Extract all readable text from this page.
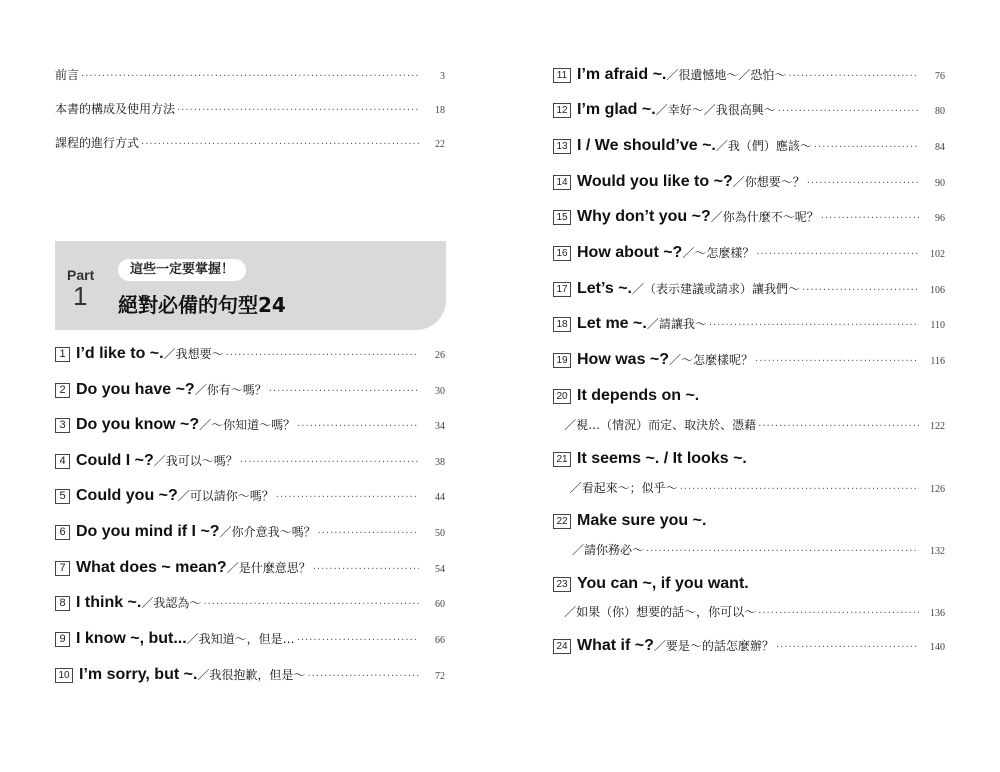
前言 ·····	3
本書的構成及使用方法 ·····	18
課程的進行方式 ·····	22
Part
1
這些一定要掌握！
絕對必備的句型24
1 I’d like to ~. ／我想要～ ·····	26
2 Do you have ~? ／你有～嗎？ ·····	30
3 Do you know ~? ／～你知道～嗎？ ·····	34
4 Could I ~? ／我可以～嗎？ ·····	38
5 Could you ~? ／可以請你～嗎？ ·····	44
6 Do you mind if I ~? ／你介意我～嗎？ ·····	50
7 What does ~ mean? ／是什麼意思？ ·····	54
8 I think ~. ／我認為～ ·····	60
9 I know ~, but... ／我知道～，但是… ·····	66
10 I’m sorry, but ~. ／我很抱歉，但是～ ·····	72
11 I’m afraid ~. ／很遺憾地～／恐怕～ ·····	76
12 I’m glad ~. ／幸好～／我很高興～ ·····	80
13 I / We should’ve ~. ／我（們）應該～ ·····	84
14 Would you like to ~? ／你想要～？ ·····	90
15 Why don’t you ~? ／你為什麼不～呢？ ·····	96
16 How about ~? ／～怎麼樣？ ·····	102
17 Let’s ~. ／（表示建議或請求）讓我們～ ·····	106
18 Let me ~. ／請讓我～ ·····	110
19 How was ~? ／～怎麼樣呢？ ·····	116
20 It depends on ~.
／視…（情況）而定、取決於、憑藉 ·····	122
21 It seems ~. / It looks ~.
／看起來～；似乎～ ·····	126
22 Make sure you ~.
／請你務必～ ·····	132
23 You can ~, if you want.
／如果（你）想要的話～，你可以～ ·····	136
24 What if ~? ／要是～的話怎麼辦？ ·····	140
